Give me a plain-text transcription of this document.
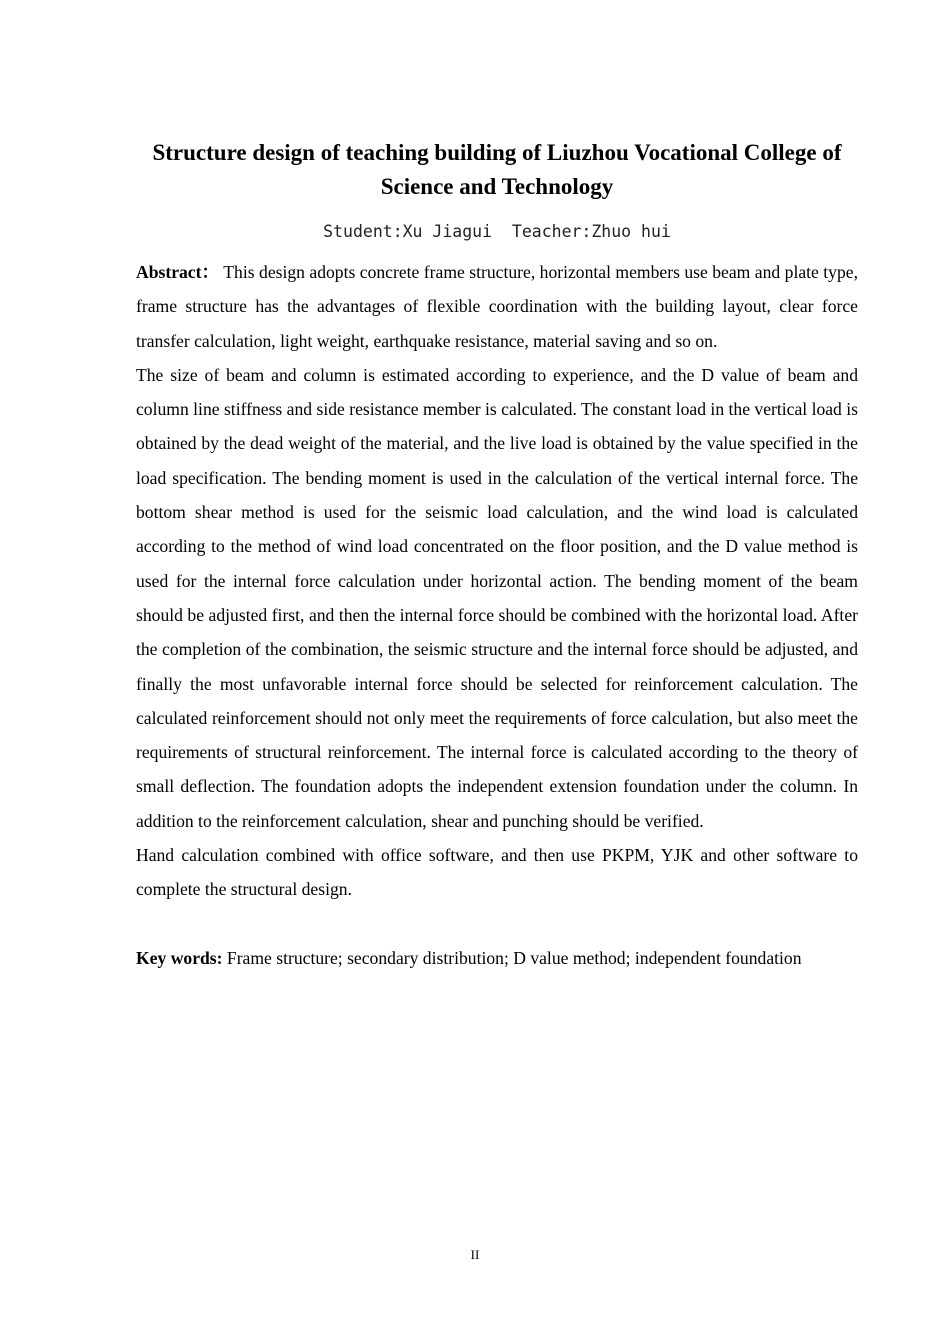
Structure design of teaching building of Liuzhou Vocational College of Science and Technology
Student:Xu Jiagui  Teacher:Zhuo hui

Abstract： This design adopts concrete frame structure, horizontal members use beam and plate type, frame structure has the advantages of flexible coordination with the building layout, clear force transfer calculation, light weight, earthquake resistance, material saving and so on.

The size of beam and column is estimated according to experience, and the D value of beam and column line stiffness and side resistance member is calculated. The constant load in the vertical load is obtained by the dead weight of the material, and the live load is obtained by the value specified in the load specification. The bending moment is used in the calculation of the vertical internal force. The bottom shear method is used for the seismic load calculation, and the wind load is calculated according to the method of wind load concentrated on the floor position, and the D value method is used for the internal force calculation under horizontal action. The bending moment of the beam should be adjusted first, and then the internal force should be combined with the horizontal load. After the completion of the combination, the seismic structure and the internal force should be adjusted, and finally the most unfavorable internal force should be selected for reinforcement calculation. The calculated reinforcement should not only meet the requirements of force calculation, but also meet the requirements of structural reinforcement. The internal force is calculated according to the theory of small deflection. The foundation adopts the independent extension foundation under the column. In addition to the reinforcement calculation, shear and punching should be verified.

Hand calculation combined with office software, and then use PKPM, YJK and other software to complete the structural design.

Key words: Frame structure; secondary distribution; D value method; independent foundation
II
